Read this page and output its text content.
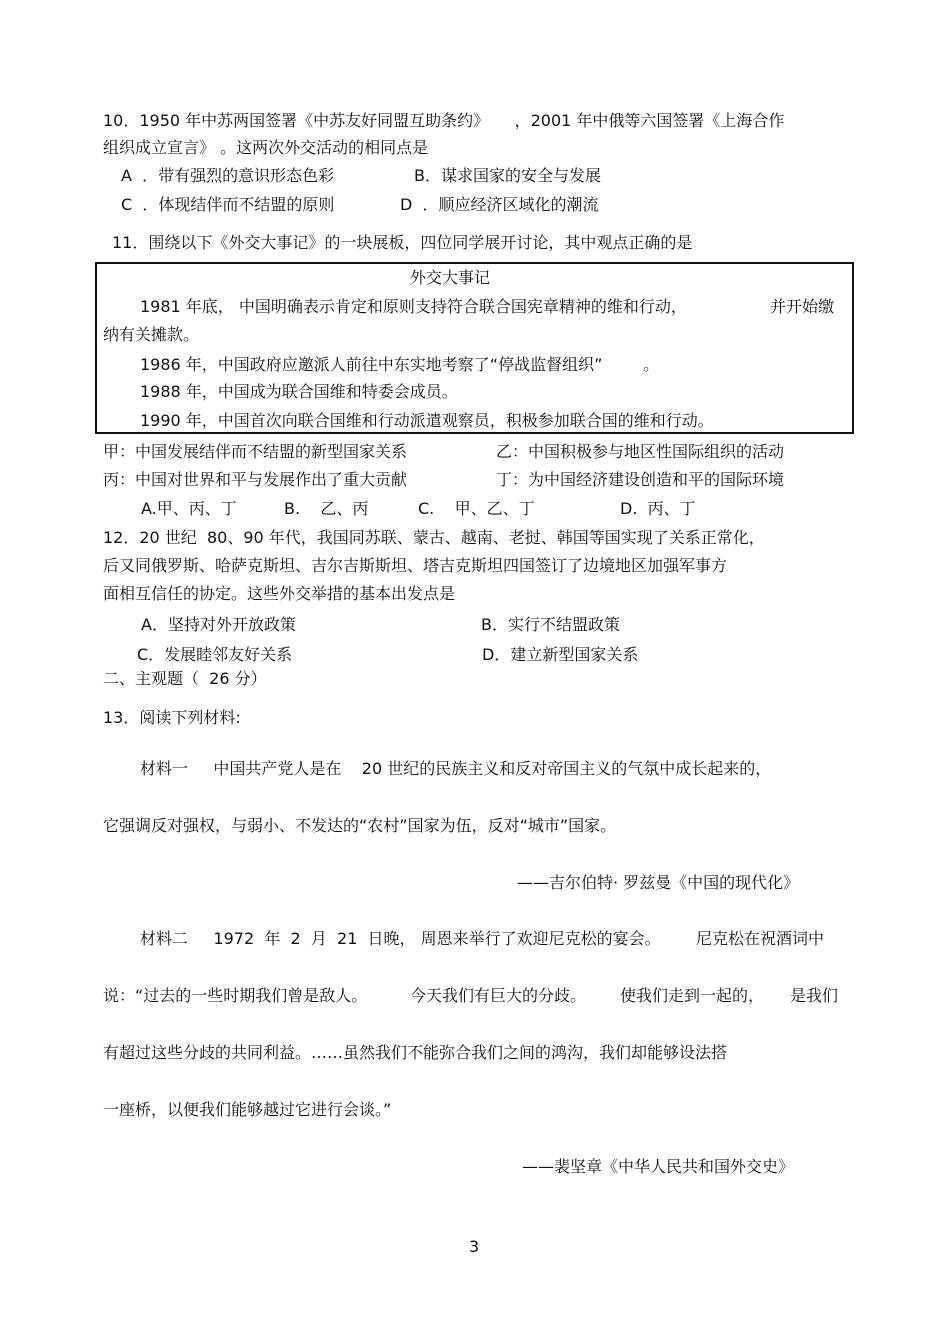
10．1950 年中苏两国签署《中苏友好同盟互助条约》     ，2001 年中俄等六国签署《上海合作
组织成立宣言》 。这两次外交活动的相同点是
A  ．带有强烈的意识形态色彩	B．谋求国家的安全与发展
C  ．体现结伴而不结盟的原则	D  ．顺应经济区域化的潮流
11．围绕以下《外交大事记》的一块展板，四位同学展开讨论，其中观点正确的是
外交大事记
1981 年底， 中国明确表示肯定和原则支持符合联合国宪章精神的维和行动，	并开始缴
纳有关摊款。
1986 年，中国政府应邀派人前往中东实地考察了“停战监督组织”        。
1988 年，中国成为联合国维和特委会成员。
1990 年，中国首次向联合国维和行动派遣观察员，积极参加联合国的维和行动。
甲：中国发展结伴而不结盟的新型国家关系	乙：中国积极参与地区性国际组织的活动
丙：中国对世界和平与发展作出了重大贡献	丁：为中国经济建设创造和平的国际环境
A.甲、丙、丁	B.    乙、丙	C.    甲、乙、丁	D.  丙、丁
12．20 世纪  80、90 年代，我国同苏联、蒙古、越南、老挝、韩国等国实现了关系正常化，
后又同俄罗斯、哈萨克斯坦、吉尔吉斯斯坦、塔吉克斯坦四国签订了边境地区加强军事方
面相互信任的协定。这些外交举措的基本出发点是
A．坚持对外开放政策	B．实行不结盟政策
C．发展睦邻友好关系	D．建立新型国家关系
二、主观题（  26 分）
13．阅读下列材料:
材料一     中国共产党人是在    20 世纪的民族主义和反对帝国主义的气氛中成长起来的，
它强调反对强权，与弱小、不发达的“农村”国家为伍，反对“城市”国家。
——吉尔伯特· 罗兹曼《中国的现代化》
材料二     1972  年  2  月  21  日晚， 周恩来举行了欢迎尼克松的宴会。 尼克松在祝酒词中
说：“过去的一些时期我们曾是敌人。	今天我们有巨大的分歧。 使我们走到一起的， 是我们
有超过这些分歧的共同利益。……虽然我们不能弥合我们之间的鸿沟，我们却能够设法搭
一座桥，以便我们能够越过它进行会谈。”
——裴坚章《中华人民共和国外交史》
3
